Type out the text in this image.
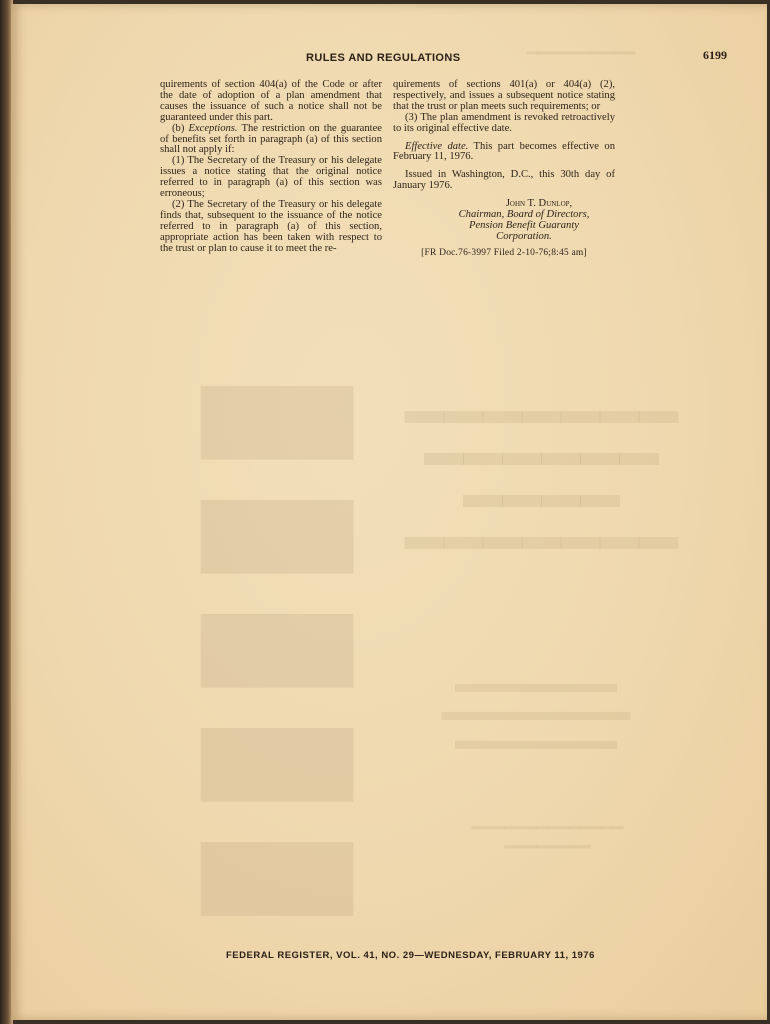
▮▮▮▮▮
━━━━━━━━━━
▬▬▬▬▬▬▬
▬▬▬▬▬▬
▬▬▬▬
▬▬▬▬▬▬▬
▬▬▬▬▬▬
▬▬▬▬▬▬▬
▬▬▬▬▬▬
━━━━━━━━━━━━━━
━━━━━━━━
RULES AND REGULATIONS	6199

quirements of section 404(a) of the Code or after the date of adoption of a plan amendment that causes the issuance of such a notice shall not be guaranteed under this part.

(b) Exceptions. The restriction on the guarantee of benefits set forth in paragraph (a) of this section shall not apply if:

(1) The Secretary of the Treasury or his delegate issues a notice stating that the original notice referred to in paragraph (a) of this section was erroneous;

(2) The Secretary of the Treasury or his delegate finds that, subsequent to the issuance of the notice referred to in paragraph (a) of this section, appropriate action has been taken with respect to the trust or plan to cause it to meet the re-

quirements of sections 401(a) or 404(a) (2), respectively, and issues a subsequent notice stating that the trust or plan meets such requirements; or

(3) The plan amendment is revoked retroactively to its original effective date.

Effective date. This part becomes effective on February 11, 1976.

Issued in Washington, D.C., this 30th day of January 1976.

John T. Dunlop,

Chairman, Board of Directors,

Pension Benefit Guaranty

Corporation.

[FR Doc.76-3997 Filed 2-10-76;8:45 am]

FEDERAL REGISTER, VOL. 41, NO. 29—WEDNESDAY, FEBRUARY 11, 1976
